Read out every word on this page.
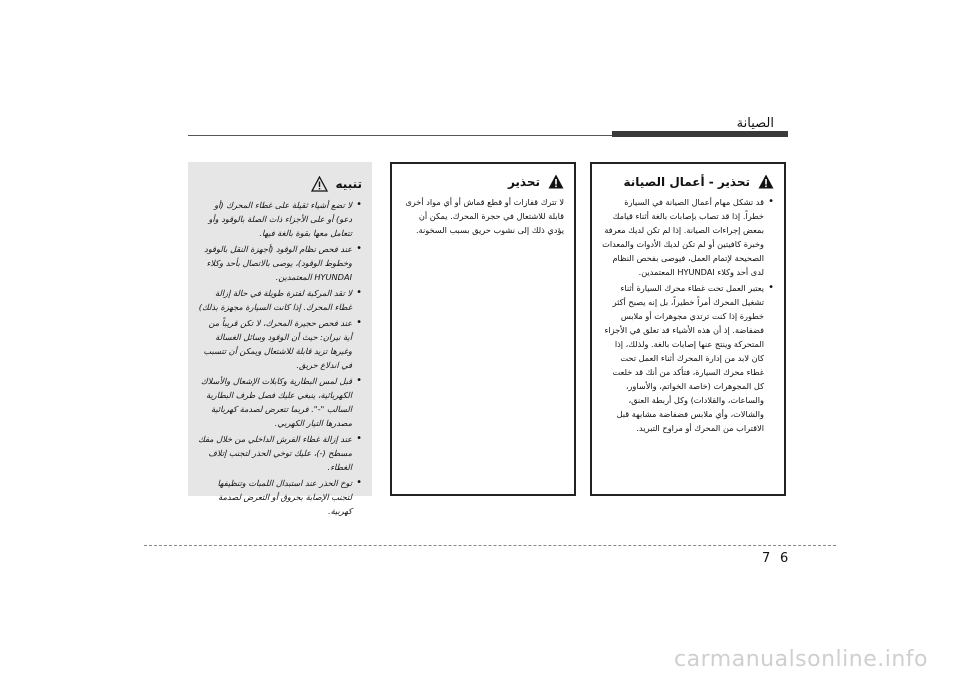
الصيانة
تحذير - أعمال الصيانة
• قد تشكل مهام أعمال الصيانة في السيارة خطراً. إذا قد تصاب بإصابات بالغة أثناء قيامك بمعض إجراءات الصيانة. إذا لم تكن لديك معرفة وخبرة كافيتين أو لم تكن لديك الأدوات والمعدات الصحيحة لإتمام العمل، فيوصى بفحص النظام لدى أحد وكلاء HYUNDAI المعتمدين.
• يعتبر العمل تحت غطاء محرك السيارة أثناء تشغيل المحرك أمراً خطيراً، بل إنه يصبح أكثر خطورة إذا كنت ترتدي مجوهرات أو ملابس فضفاضة. إذ أن هذه الأشياء قد تعلق في الأجزاء المتحركة وينتج عنها إصابات بالغة. ولذلك، إذا كان لابد من إدارة المحرك أثناء العمل تحت غطاء محرك السيارة، فتأكد من أنك قد خلعت كل المجوهرات (خاصة الخواتم، والأساور، والساعات، والقلادات) وكل أربطة العنق، والشالات، وأي ملابس فضفاضة مشابهة قبل الاقتراب من المحرك أو مراوح التبريد.
تحذير
لا تترك قفازات أو قطع قماش أو أي مواد أخرى قابلة للاشتعال في حجرة المحرك. يمكن أن يؤدي ذلك إلى نشوب حريق بسبب السخونة.
تنبيه
• لا تضع أشياء ثقيلة على غطاء المحرك (أو دعو) أو على الأجزاء ذات الصلة بالوقود وأو تتعامل معها بقوة بالغة فيها.
• عند فحص نظام الوقود (أجهزة النقل بالوقود وخطوط الوقود)، يوصى بالاتصال بأحد وكلاء HYUNDAI المعتمدين.
• لا تقد المركبة لفترة طويلة في حالة إزالة غطاء المحرك. إذا كانت السيارة مجهزة بذلك)
• عند فحص حجيرة المحرك، لا تكن قريباً من أية نيران: حيث أن الوقود وسائل الغسالة وغيرها تزيد قابلة للاشتعال ويمكن أن تتسبب في اندلاع حريق.
• قبل لمس البطارية وكابلات الإشعال والأسلاك الكهربائية، ينبغي عليك فصل طرف البطارية السالب "-". فربما تتعرض لصدمة كهربائية مصدرها التيار الكهربي.
• عند إزالة غطاء الفرش الداخلي من خلال مفك مسطح (-)، عليك توخي الحذر لتجنب إتلاف الغطاء.
• توخ الحذر عند استبدال اللمبات وتنظيفها لتجنب الإصابة بحروق أو التعرض لصدمة كهربية.
7 6
carmanualsonline.info
